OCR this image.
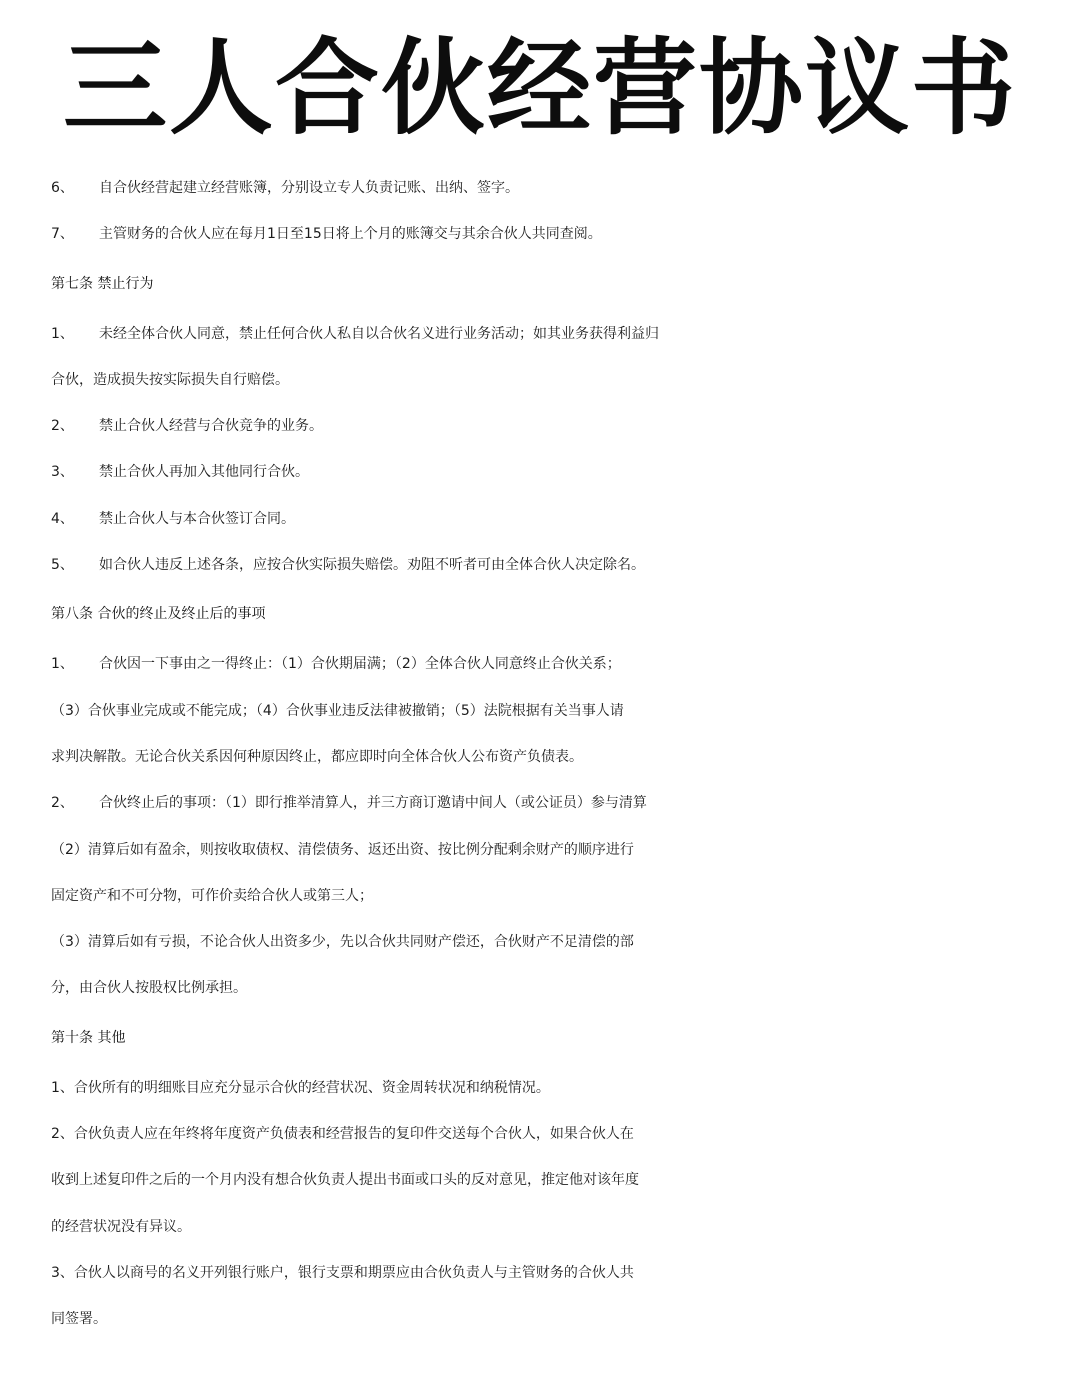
三人合伙经营协议书
6、 自合伙经营起建立经营账簿，分别设立专人负责记账、出纳、签字。
7、 主管财务的合伙人应在每月1日至15日将上个月的账簿交与其余合伙人共同查阅。
第七条 禁止行为
1、 未经全体合伙人同意，禁止任何合伙人私自以合伙名义进行业务活动；如其业务获得利益归
合伙，造成损失按实际损失自行赔偿。
2、 禁止合伙人经营与合伙竞争的业务。
3、 禁止合伙人再加入其他同行合伙。
4、 禁止合伙人与本合伙签订合同。
5、 如合伙人违反上述各条，应按合伙实际损失赔偿。劝阻不听者可由全体合伙人决定除名。
第八条 合伙的终止及终止后的事项
1、 合伙因一下事由之一得终止：（1）合伙期届满；（2）全体合伙人同意终止合伙关系；
（3）合伙事业完成或不能完成；（4）合伙事业违反法律被撤销；（5）法院根据有关当事人请
求判决解散。无论合伙关系因何种原因终止，都应即时向全体合伙人公布资产负债表。
2、 合伙终止后的事项：（1）即行推举清算人，并三方商订邀请中间人（或公证员）参与清算
（2）清算后如有盈余，则按收取债权、清偿债务、返还出资、按比例分配剩余财产的顺序进行
固定资产和不可分物，可作价卖给合伙人或第三人；
（3）清算后如有亏损，不论合伙人出资多少，先以合伙共同财产偿还，合伙财产不足清偿的部
分，由合伙人按股权比例承担。
第十条 其他
1、合伙所有的明细账目应充分显示合伙的经营状况、资金周转状况和纳税情况。
2、合伙负责人应在年终将年度资产负债表和经营报告的复印件交送每个合伙人，如果合伙人在
收到上述复印件之后的一个月内没有想合伙负责人提出书面或口头的反对意见，推定他对该年度
的经营状况没有异议。
3、合伙人以商号的名义开列银行账户，银行支票和期票应由合伙负责人与主管财务的合伙人共
同签署。
